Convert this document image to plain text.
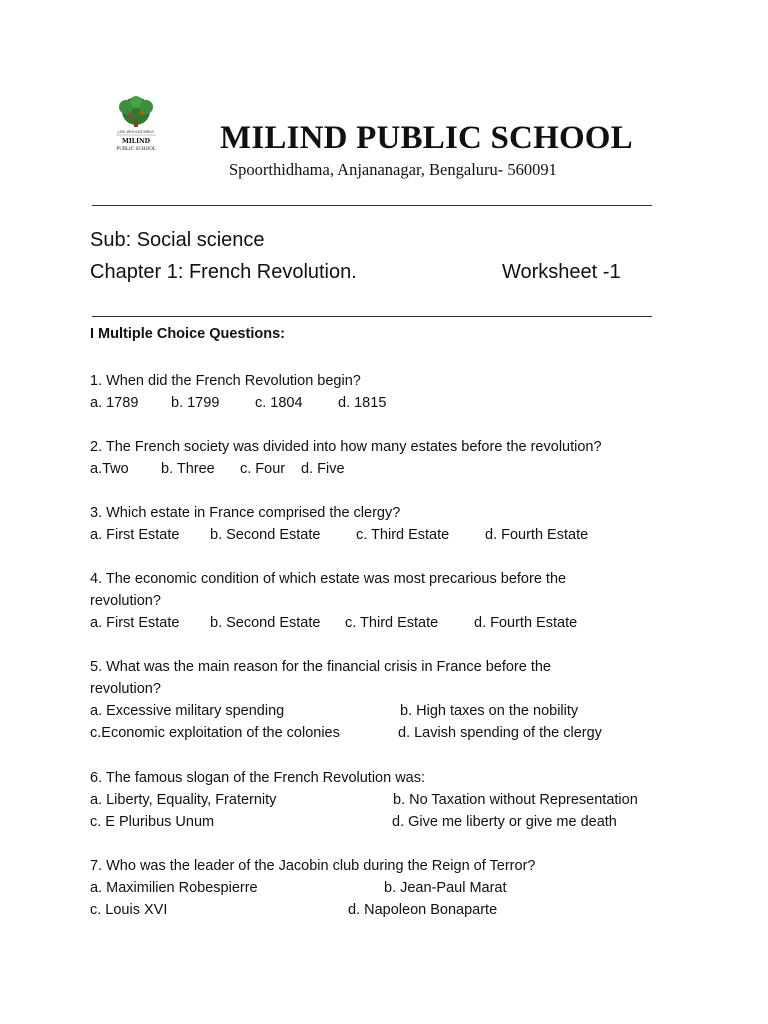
LIVE WHOLESOMELY
MILIND
PUBLIC SCHOOL MILIND PUBLIC SCHOOL
Spoorthidhama, Anjananagar, Bengaluru- 560091
Sub: Social science
Chapter 1: French Revolution.	Worksheet -1
I Multiple Choice Questions:
1. When did the French Revolution begin?
a. 1789 b. 1799 c. 1804 d. 1815
2. The French society was divided into how many estates before the revolution?
a.Two b. Three c. Four d. Five
3. Which estate in France comprised the clergy?
a. First Estate b. Second Estate c. Third Estate d. Fourth Estate
4. The economic condition of which estate was most precarious before the
revolution?
a. First Estate b. Second Estate c. Third Estate d. Fourth Estate
5. What was the main reason for the financial crisis in France before the
revolution?
a. Excessive military spending	b. High taxes on the nobility
c.Economic exploitation of the colonies	d. Lavish spending of the clergy
6. The famous slogan of the French Revolution was:
a. Liberty, Equality, Fraternity	b. No Taxation without Representation
c. E Pluribus Unum	d. Give me liberty or give me death
7. Who was the leader of the Jacobin club during the Reign of Terror?
a. Maximilien Robespierre	b. Jean-Paul Marat
c. Louis XVI	d. Napoleon Bonaparte
